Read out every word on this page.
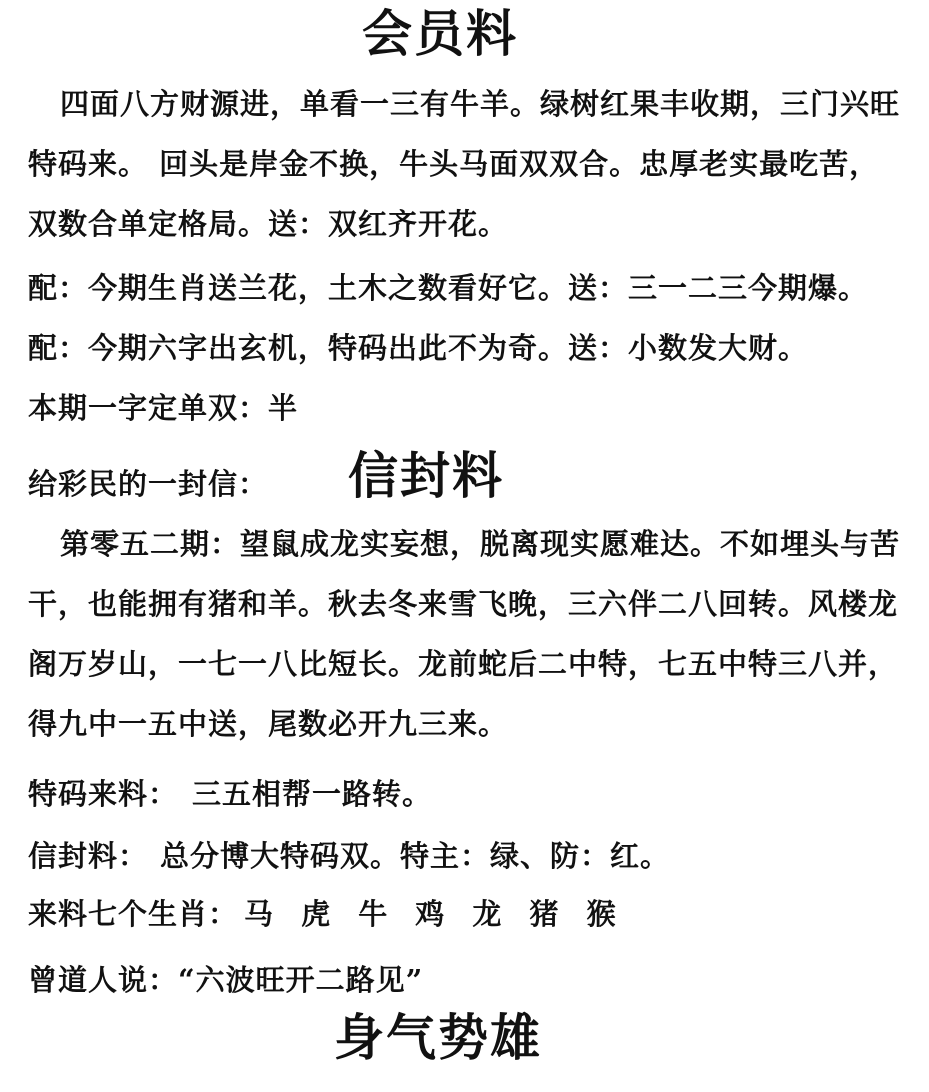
会员料
四面八方财源进，单看一三有牛羊。绿树红果丰收期，三门兴旺特码来。 回头是岸金不换，牛头马面双双合。忠厚老实最吃苦，双数合单定格局。送：双红齐开花。
配：今期生肖送兰花，土木之数看好它。送：三一二三今期爆。
配：今期六字出玄机，特码出此不为奇。送：小数发大财。
本期一字定单双：半
给彩民的一封信： 信封料
第零五二期：望鼠成龙实妄想，脱离现实愿难达。不如埋头与苦干，也能拥有猪和羊。秋去冬来雪飞晚，三六伴二八回转。风楼龙阁万岁山，一七一八比短长。龙前蛇后二中特，七五中特三八并，得九中一五中送，尾数必开九三来。
特码来料： 三五相帮一路转。
信封料： 总分博大特码双。特主：绿、防：红。
来料七个生肖： 马 虎 牛 鸡 龙 猪 猴
曾道人说：“六波旺开二路见”
身气势雄
